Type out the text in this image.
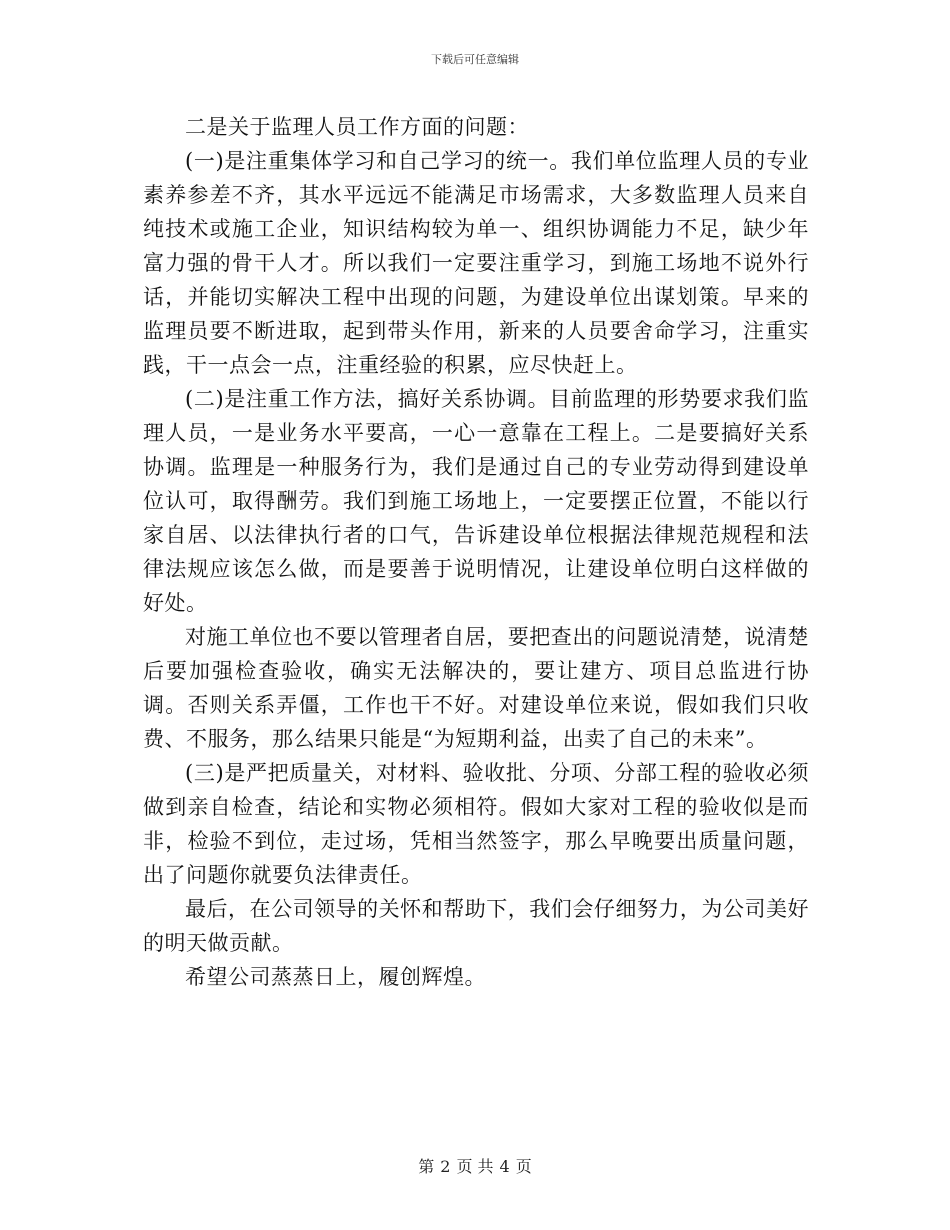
下载后可任意编辑

二是关于监理人员工作方面的问题：

(一)是注重集体学习和自己学习的统一。我们单位监理人员的专业素养参差不齐，其水平远远不能满足市场需求，大多数监理人员来自纯技术或施工企业，知识结构较为单一、组织协调能力不足，缺少年富力强的骨干人才。所以我们一定要注重学习，到施工场地不说外行话，并能切实解决工程中出现的问题，为建设单位出谋划策。早来的监理员要不断进取，起到带头作用，新来的人员要舍命学习，注重实践，干一点会一点，注重经验的积累，应尽快赶上。

(二)是注重工作方法，搞好关系协调。目前监理的形势要求我们监理人员，一是业务水平要高，一心一意靠在工程上。二是要搞好关系协调。监理是一种服务行为，我们是通过自己的专业劳动得到建设单位认可，取得酬劳。我们到施工场地上，一定要摆正位置，不能以行家自居、以法律执行者的口气，告诉建设单位根据法律规范规程和法律法规应该怎么做，而是要善于说明情况，让建设单位明白这样做的好处。

对施工单位也不要以管理者自居，要把查出的问题说清楚，说清楚后要加强检查验收，确实无法解决的，要让建方、项目总监进行协调。否则关系弄僵，工作也干不好。对建设单位来说，假如我们只收费、不服务，那么结果只能是“为短期利益，出卖了自己的未来”。

(三)是严把质量关，对材料、验收批、分项、分部工程的验收必须做到亲自检查，结论和实物必须相符。假如大家对工程的验收似是而非，检验不到位，走过场，凭相当然签字，那么早晚要出质量问题，出了问题你就要负法律责任。

最后，在公司领导的关怀和帮助下，我们会仔细努力，为公司美好的明天做贡献。

希望公司蒸蒸日上，履创辉煌。

第 2 页 共 4 页
